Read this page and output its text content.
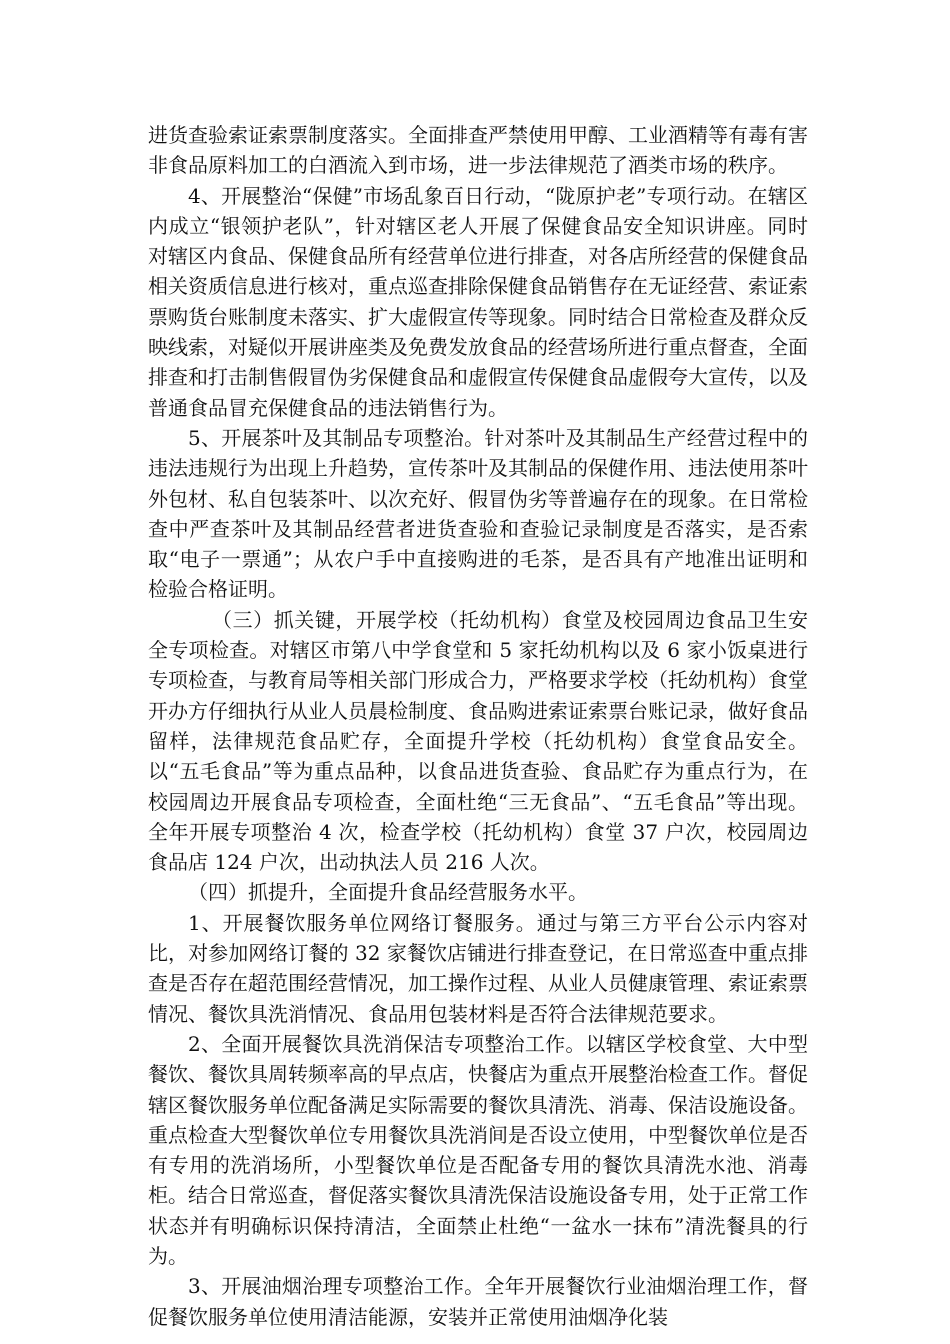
进货查验索证索票制度落实。全面排查严禁使用甲醇、工业酒精等有毒有害非食品原料加工的白酒流入到市场，进一步法律规范了酒类市场的秩序。

4、开展整治“保健”市场乱象百日行动，“陇原护老”专项行动。在辖区内成立“银领护老队”，针对辖区老人开展了保健食品安全知识讲座。同时对辖区内食品、保健食品所有经营单位进行排查，对各店所经营的保健食品相关资质信息进行核对，重点巡查排除保健食品销售存在无证经营、索证索票购货台账制度未落实、扩大虚假宣传等现象。同时结合日常检查及群众反映线索，对疑似开展讲座类及免费发放食品的经营场所进行重点督查，全面排查和打击制售假冒伪劣保健食品和虚假宣传保健食品虚假夸大宣传，以及普通食品冒充保健食品的违法销售行为。

5、开展茶叶及其制品专项整治。针对茶叶及其制品生产经营过程中的违法违规行为出现上升趋势，宣传茶叶及其制品的保健作用、违法使用茶叶外包材、私自包装茶叶、以次充好、假冒伪劣等普遍存在的现象。在日常检查中严查茶叶及其制品经营者进货查验和查验记录制度是否落实，是否索取“电子一票通”；从农户手中直接购进的毛茶，是否具有产地准出证明和检验合格证明。

（三）抓关键，开展学校（托幼机构）食堂及校园周边食品卫生安全专项检查。对辖区市第八中学食堂和 5 家托幼机构以及 6 家小饭桌进行专项检查，与教育局等相关部门形成合力，严格要求学校（托幼机构）食堂开办方仔细执行从业人员晨检制度、食品购进索证索票台账记录，做好食品留样，法律规范食品贮存，全面提升学校（托幼机构）食堂食品安全。以“五毛食品”等为重点品种，以食品进货查验、食品贮存为重点行为，在校园周边开展食品专项检查，全面杜绝“三无食品”、“五毛食品”等出现。全年开展专项整治 4 次，检查学校（托幼机构）食堂 37 户次，校园周边食品店 124 户次，出动执法人员 216 人次。

（四）抓提升，全面提升食品经营服务水平。

1、开展餐饮服务单位网络订餐服务。通过与第三方平台公示内容对比，对参加网络订餐的 32 家餐饮店铺进行排查登记，在日常巡查中重点排查是否存在超范围经营情况，加工操作过程、从业人员健康管理、索证索票情况、餐饮具洗消情况、食品用包装材料是否符合法律规范要求。

2、全面开展餐饮具洗消保洁专项整治工作。以辖区学校食堂、大中型餐饮、餐饮具周转频率高的早点店，快餐店为重点开展整治检查工作。督促辖区餐饮服务单位配备满足实际需要的餐饮具清洗、消毒、保洁设施设备。重点检查大型餐饮单位专用餐饮具洗消间是否设立使用，中型餐饮单位是否有专用的洗消场所，小型餐饮单位是否配备专用的餐饮具清洗水池、消毒柜。结合日常巡查，督促落实餐饮具清洗保洁设施设备专用，处于正常工作状态并有明确标识保持清洁，全面禁止杜绝“一盆水一抹布”清洗餐具的行为。

3、开展油烟治理专项整治工作。全年开展餐饮行业油烟治理工作，督促餐饮服务单位使用清洁能源，安装并正常使用油烟净化装
